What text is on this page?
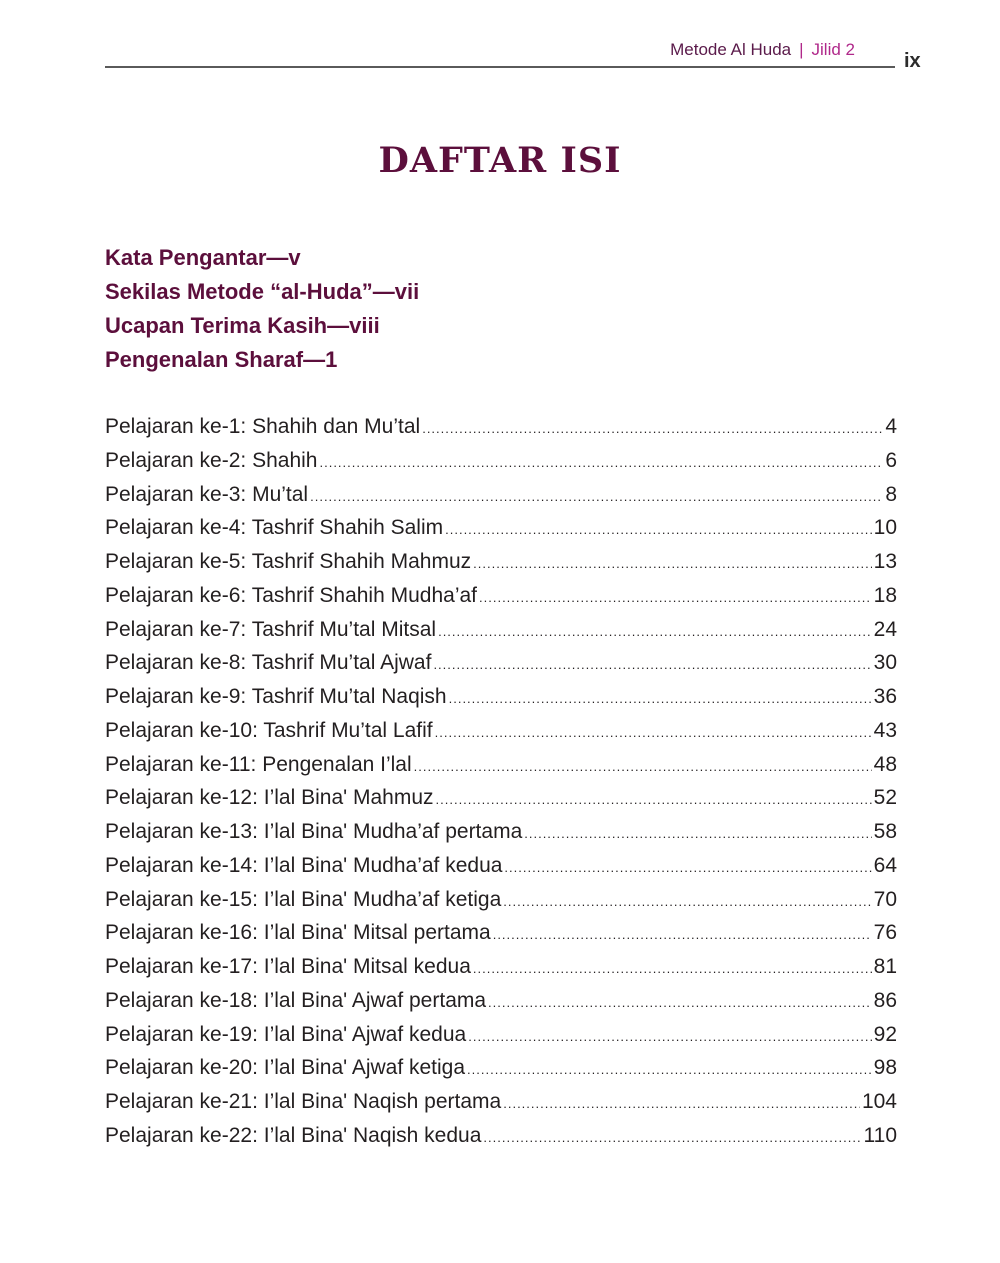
Metode Al Huda | Jilid 2
ix
DAFTAR ISI
Kata Pengantar—v
Sekilas Metode “al-Huda”—vii
Ucapan Terima Kasih—viii
Pengenalan Sharaf—1
Pelajaran ke-1: Shahih dan Mu’tal .....	4
Pelajaran ke-2: Shahih .....	6
Pelajaran ke-3: Mu’tal .....	8
Pelajaran ke-4: Tashrif Shahih Salim .....	10
Pelajaran ke-5: Tashrif Shahih Mahmuz .....	13
Pelajaran ke-6: Tashrif Shahih Mudha’af .....	18
Pelajaran ke-7: Tashrif Mu’tal Mitsal .....	24
Pelajaran ke-8: Tashrif Mu’tal Ajwaf .....	30
Pelajaran ke-9: Tashrif Mu’tal Naqish .....	36
Pelajaran ke-10: Tashrif Mu’tal Lafif .....	43
Pelajaran ke-11: Pengenalan I’lal .....	48
Pelajaran ke-12: I’lal Bina' Mahmuz .....	52
Pelajaran ke-13: I’lal Bina' Mudha’af pertama .....	58
Pelajaran ke-14: I’lal Bina' Mudha’af kedua .....	64
Pelajaran ke-15: I’lal Bina' Mudha’af ketiga .....	70
Pelajaran ke-16: I’lal Bina' Mitsal pertama .....	76
Pelajaran ke-17: I’lal Bina' Mitsal kedua .....	81
Pelajaran ke-18: I’lal Bina' Ajwaf pertama .....	86
Pelajaran ke-19: I’lal Bina' Ajwaf kedua .....	92
Pelajaran ke-20: I’lal Bina' Ajwaf ketiga .....	98
Pelajaran ke-21: I’lal Bina' Naqish pertama .....	104
Pelajaran ke-22: I’lal Bina' Naqish kedua .....	110
